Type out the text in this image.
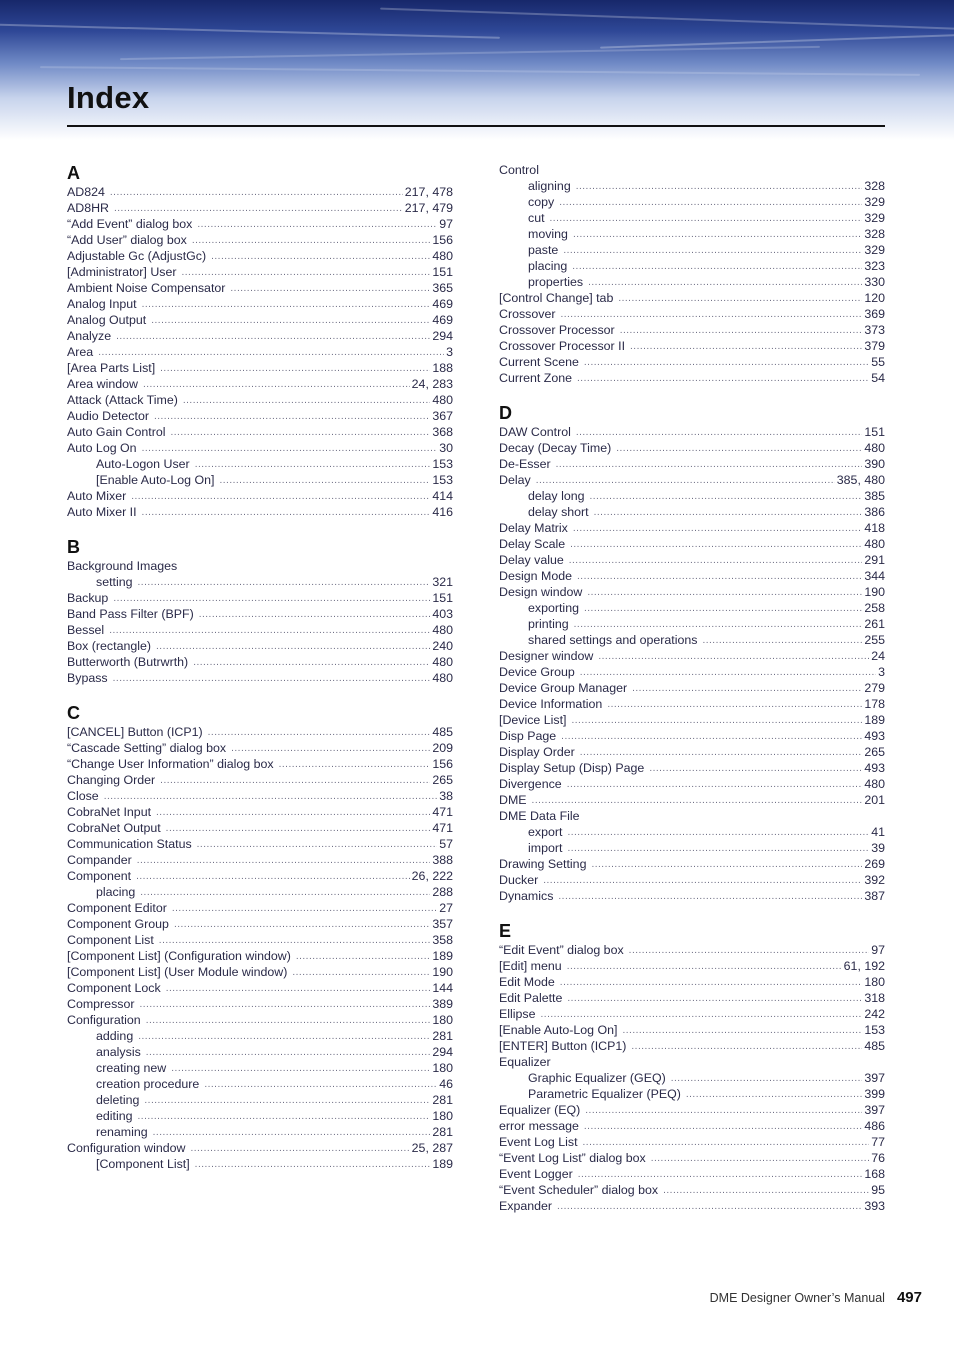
Index
A
AD824 .....	217, 478
AD8HR .....	217, 479
“Add Event” dialog box .....	97
“Add User” dialog box .....	156
Adjustable Gc (AdjustGc) .....	480
[Administrator] User .....	151
Ambient Noise Compensator .....	365
Analog Input .....	469
Analog Output .....	469
Analyze .....	294
Area .....	3
[Area Parts List] .....	188
Area window .....	24, 283
Attack (Attack Time) .....	480
Audio Detector .....	367
Auto Gain Control .....	368
Auto Log On .....	30
Auto-Logon User .....	153
[Enable Auto-Log On] .....	153
Auto Mixer .....	414
Auto Mixer II .....	416
B
Background Images
setting .....	321
Backup .....	151
Band Pass Filter (BPF) .....	403
Bessel .....	480
Box (rectangle) .....	240
Butterworth (Butrwrth) .....	480
Bypass .....	480
C
[CANCEL] Button (ICP1) .....	485
“Cascade Setting” dialog box .....	209
“Change User Information” dialog box .....	156
Changing Order .....	265
Close .....	38
CobraNet Input .....	471
CobraNet Output .....	471
Communication Status .....	57
Compander .....	388
Component .....	26, 222
placing .....	288
Component Editor .....	27
Component Group .....	357
Component List .....	358
[Component List] (Configuration window) .....	189
[Component List] (User Module window) .....	190
Component Lock .....	144
Compressor .....	389
Configuration .....	180
adding .....	281
analysis .....	294
creating new .....	180
creation procedure .....	46
deleting .....	281
editing .....	180
renaming .....	281
Configuration window .....	25, 287
[Component List] .....	189
Control
aligning .....	328
copy .....	329
cut .....	329
moving .....	328
paste .....	329
placing .....	323
properties .....	330
[Control Change] tab .....	120
Crossover .....	369
Crossover Processor .....	373
Crossover Processor II .....	379
Current Scene .....	55
Current Zone .....	54
D
DAW Control .....	151
Decay (Decay Time) .....	480
De-Esser .....	390
Delay .....	385, 480
delay long .....	385
delay short .....	386
Delay Matrix .....	418
Delay Scale .....	480
Delay value .....	291
Design Mode .....	344
Design window .....	190
exporting .....	258
printing .....	261
shared settings and operations .....	255
Designer window .....	24
Device Group .....	3
Device Group Manager .....	279
Device Information .....	178
[Device List] .....	189
Disp Page .....	493
Display Order .....	265
Display Setup (Disp) Page .....	493
Divergence .....	480
DME .....	201
DME Data File
export .....	41
import .....	39
Drawing Setting .....	269
Ducker .....	392
Dynamics .....	387
E
“Edit Event” dialog box .....	97
[Edit] menu .....	61, 192
Edit Mode .....	180
Edit Palette .....	318
Ellipse .....	242
[Enable Auto-Log On] .....	153
[ENTER] Button (ICP1) .....	485
Equalizer
Graphic Equalizer (GEQ) .....	397
Parametric Equalizer (PEQ) .....	399
Equalizer (EQ) .....	397
error message .....	486
Event Log List .....	77
“Event Log List” dialog box .....	76
Event Logger .....	168
“Event Scheduler” dialog box .....	95
Expander .....	393
DME Designer Owner’s Manual 497
